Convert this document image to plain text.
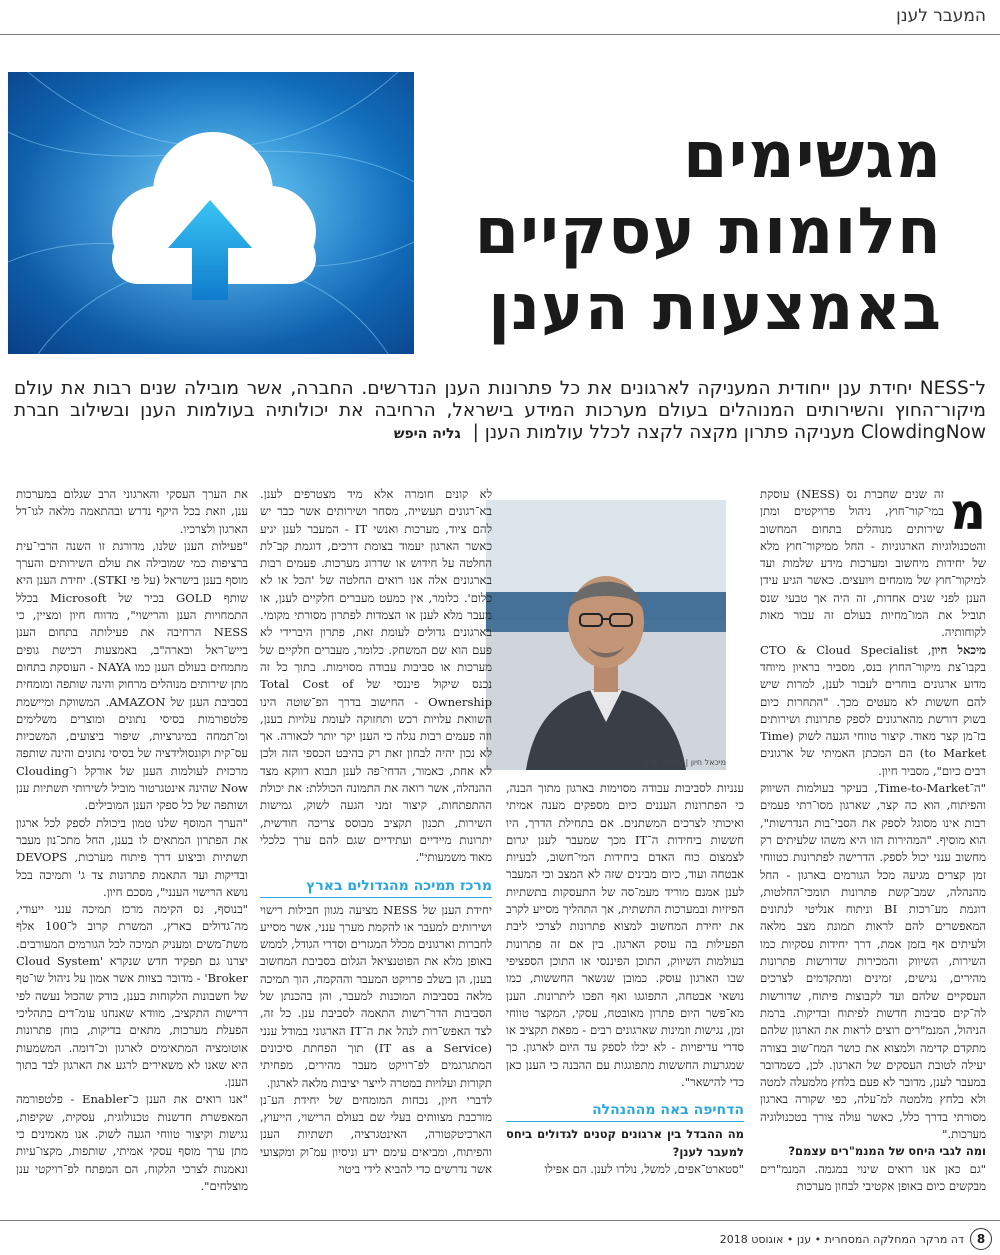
המעבר לענן
מגשימים
חלומות עסקיים
באמצעות הענן
ל־NESS יחידת ענן ייחודית המעניקה לארגונים את כל פתרונות הענן הנדרשים. החברה, אשר מובילה שנים רבות את עולם מיקור־החוץ והשירותים המנוהלים בעולם מערכות המידע בישראל, הרחיבה את יכולותיה בעולמות הענן ובשילוב חברת ClowdingNow מעניקה פתרון מקצה לקצה לכלל עולמות הענן | גליה היפש

מ
זה שנים שחברת נס (NESS) עוסקת במי־קור־חוץ, ניהול פרויקטים ומתן שירותים מנוהלים בתחום המחשוב והטכנולוגיות הארגוניות - החל ממיקור־חוץ מלא של יחידות מיחשוב ומערכות מידע שלמות ועד למיקור־חוץ של מומחים ויועצים. כאשר הגיע עידן הענן לפני שנים אחדות, זה היה אך טבעי שנס תוביל את המו־מחיות בעולם זה עבור מאות לקוחותיה.

מיכאל חיון, CTO & Cloud Specialist בקבו־צת מיקור־החוץ בנס, מסביר בראיון מיוחד מדוע ארגונים בוחרים לעבור לענן, למרות שיש להם חששות לא מעטים מכך. "התחרות כיום בשוק דורשת מהארגונים לספק פתרונות ושירותים בז־מן קצר מאוד. קיצור טווחי הגעה לשוק (Time to Market) הם המכתן האמיתי של ארגונים רבים כיום", מסביר חיון.

"ה־Time-to-Market, בעיקר בעולמות השיווק והפיתוח, הוא כה קצר, שארגון מסו־רתי פעמים רבות אינו מסוגל לספק את הסבי־בות הנדרשות", הוא מוסיף. "המהירות הזו היא משהו שלעיתים רק מחשוב ענני יכול לספק. הדרישה לפתרונות כטווחי זמן קצרים מגיעה מכל הגורמים בארגון - החל מהנהלה, שמב־קשת פתרונות תומכי־החלטות, דוגמת מע־רכות BI וניתוח אנליטי לנתונים המאפשרים להם לראות תמונת מצב מלאה ולעיתים אף בזמן אמת, דרך יחידות עסקיות כמו השירות, השיווק והמכירות שדורשות פתרונות מהירים, נגישים, זמינים ומתקדמים לצרכים העסקיים שלהם ועד לקבוצות פיתוח, שדורשות לה־קים סביבות חדשות לפיתוח ובדיקות. ברמת הניהול, המנמ"רים רוצים לראות את הארגון שלהם מתקדם קדימה ולמצוא את כושר המח־שוב בצורה יעילה לטובת העסקים של הארגון. לכן, כשמדובר במעבר לענן, מדובר לא פעם בלחץ מלמעלה למטה ולא בלחץ מלמטה למ־עלה, כפי שקורה בארגון מסורתי בדרך כלל, כאשר עולה צורך בטכנולוגיה מערכות."

ומה לגבי היחס של המנמ"רים עצמם?

"גם כאן אנו רואים שינוי במגמה. המנמ"רים מבקשים כיום באופן אקטיבי לבחון מערכות

מיכאל חיון | צילום: יח"צ

ענניות לסביבות עבודה מסוימות בארגון מתוך הבנה, כי הפתרונות העננים כיום מספקים מענה אמיתי ואיכותי לצרכים המשתנים. אם בתחילת הדרך, היו חששות ביחידות ה־IT מכך שמעבר לענן יגרום לצמצום כוח האדם ביחידות המי־חשוב, לבעיות אבטחה ועוד, כיום מבינים שזה לא המצב וכי המעבר לענן אמנם מוריד מעמ־סה של התעסקות בתשתיות הפיזיות ובמערכות התשתית, אך התהליך מסייע לקרב את יחידת המחשוב למצוא פתרונות לצרכי ליבת הפעילות בה עוסק הארגון. בין אם זה פתרונות בעולמות השיווק, התוכן הפיננסי או התוכן הספציפי שבו הארגון עוסק. כמובן שנשאר החששות, כמו נושאי אבטחה, התפוגגו ואף הפכו ליתרונות. הענן מא־פשר היום פתרון מאובטח, עסקי, המקצר טווחי זמן, נגישות וזמינות שארגונים רבים - מפאת תקציב או סדרי עדיפויות - לא יכלו לספק עד היום לארגון. כך שמגרעות החששות מתפוגגות עם ההבנה כי הענן כאן כדי להישאר".

הדחיפה באה מההנהלה

מה ההבדל בין ארגונים קטנים לגדולים ביחס למעבר לענן?

"סטארט־אפים, למשל, נולדו לענן. הם אפילו

לא קונים חומרה אלא מיד מצטרפים לענן. בא־רגונים תעשייה, מסחר ושירותים אשר כבר יש להם ציוד, מערכות ואנשי IT - המעבר לענן יגיע כאשר הארגון יעמוד בצומת דרכים, דוגמת קב־לת החלטה על חידוש או שדרוג מערכות. פעמים רבות בארגונים אלה אנו רואים החלטה של 'הכל או לא כלום'. כלומר, אין כמעט מעברים חלקיים לענן, או מעבר מלא לענן או הצמדות לפתרון מסורתי מקומי. בארגונים גדולים לעומת זאת, פתרון היברידי לא פעם הוא שם המשחק. כלומר, מעברים חלקיים של מערכות או סביבות עבודה מסוימות. בתוך כל זה נכנס שיקול פיננסי של Total Cost of Ownership - החישוב בדרך הפ־שוטה הינו השוואת עלויות רכש ותחזוקה לעומת עלויות בענן, וזה פעמים רבות נגלה כי הענן יקר יותר לכאורה. אך לא נכון יהיה לבחון זאת רק בהיבט הכספי הזה ולכן לא אחת, כאמור, הדחי־פה לענן תבוא דווקא מצד ההנהלה, אשר רואה את התמונה הכוללת: את יכולת ההתפתחות, קיצור זמני הגעה לשוק, גמישות השירות, תכנון תקציב מבוסס צריכה חודשית, יתרונות מיידיים ועתידיים שגם להם ערך כלכלי מאוד משמעותי".

מרכז תמיכה מהגדולים בארץ

יחידת הענן של NESS מציעה מגוון חבילות רישוי ושירותים למעבר או להקמת מערך ענני, אשר מסייע לחברות וארגונים מכלל המגזרים וסדרי הגודל, לממש באופן מלא את הפוטנציאל הגלום בסביבת המחשוב בענן, הן בשלב פרויקט המעבר וההקמה, הוך תמיכה מלאה בסביבות המוכנות למעבר, והן בהכנתן של הסביבות הדר־רשות התאמה לסביבת ענן. כל זה, לצד האפש־רות לנהל את ה־IT הארגוני במודל ענני (IT as a Service) תוך הפחתת סיכונים המתגרגמים לפ־רויקט מעבר מהירים, מפחיתי תקורות ועלויות במטרה לייצר יציבות מלאה לארגון.

לדברי חיון, נכחות המומחים של יחידת הע־נן מורכבת מצוותים בעלי שם בעולם הרישוי, הייעוץ, הארכיטקטורה, האינטגרציה, תשתיות הענן והפיתוח, ומביאים עימם ידע וניסיון עמ־וק ומקצועי אשר נדרשים כדי להביא לידי ביטוי

את הערך העסקי והארגוני הרב שגלום במערכות ענן, וזאת בכל היקף נדרש ובהתאמה מלאה לגו־דל הארגון ולצרכיו.

"פעילות הענן שלנו, מדורגת זו השנה הרבי־עית ברציפות כמי שמובילה את עולם השירותים והערך מוסף בענן בישראל (על פי STKI). יחידת הענן היא שותף GOLD בכיר של Microsoft בכלל התמחויות הענן והרישוי", מדווח חיון ומציין, כי NESS הרחיבה את פעילותה בתחום הענן בייש־ראל ובארה"ב, באמצעות רכישת גופים מתמחים בעולם הענן כמו NAYA - העוסקת בתחום מתן שירותים מנוהלים מרחוק והינה שותפה ומומחית בסביבת הענן של AMAZON. המשווקת ומיישמת פלטפורמות בסיסי נתונים ומוצרים משלימים ומ־תמחה במיגרציות, שיפור ביצועים, המשכיות עס־קית וקונסולידציה של בסיסי נתונים והינה שותפה מרכזית לעולמות הענן של אורקל ו־Clouding Now שהינה אינטגרטור מוביל לשירותי תשתיות ענן ושותפה של כל ספקי הענן המובילים.

"הערך המוסף שלנו טמון ביכולת לספק לכל ארגון את הפתרון המתאים לו בענן, החל מתכ־נון מעבר תשתיות וביצוע דרך פיתוח מערכות, DEVOPS ובדיקות ועד התאמת פתרונות צד ג' ותמיכה בכל נושא הרישוי הענני", מסכם חיון.

"בנוסף, נס הקימה מרכז תמיכה ענני ייעודי, מה־גדולים בארץ, המשרת קרוב ל־100 אלף משת־משים ומעניק תמיכה לכל הגורמים המעורבים. יצרנו גם תפקיד חדש שנקרא 'Cloud System Broker' - מדובר בצוות אשר אמון על ניהול שו־טף של חשבונות הלקוחות בענן, בודק שהכול נעשה לפי דרישות התקציב, מוודא שאנחנו עומ־דים בתהליכי הפעלת מערכות, מתאים בדיקות, בוחן פתרונות אוטומציה המתאימים לארגון וכ־דומה. המשמעות היא שאנו לא משאירים לרגע את הארגון לבד בתוך הענן.

"אנו רואים את הענן כ־Enabler - פלטפורמה המאפשרת חדשנות טכנולוגית, עסקית, שקיפות, נגישות וקיצור טווחי הגעה לשוק. אנו מאמינים כי מתן ערך מוסף עסקי אמיתי, שותפות, מקצו־עיות ונאמנות לצרכי הלקוח, הם המפתח לפ־רויקטי ענן מוצלחים".

8
דה מרקר המחלקה המסחרית • ענן • אוגוסט 2018
